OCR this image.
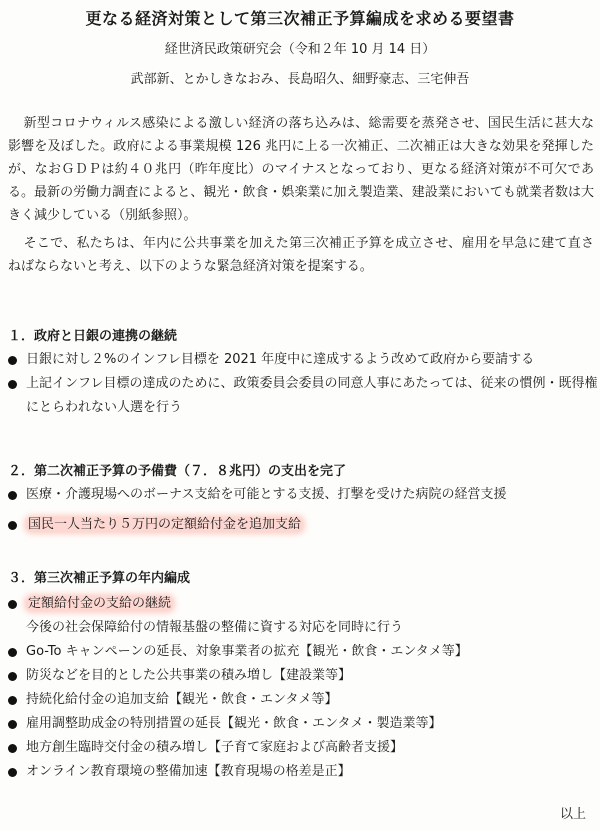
更なる経済対策として第三次補正予算編成を求める要望書
経世済民政策研究会（令和２年 10 月 14 日）
武部新、とかしきなおみ、長島昭久、細野豪志、三宅伸吾

新型コロナウィルス感染による激しい経済の落ち込みは、総需要を蒸発させ、国民生活に甚大な影響を及ぼした。政府による事業規模 126 兆円に上る一次補正、二次補正は大きな効果を発揮したが、なおＧＤＰは約４０兆円（昨年度比）のマイナスとなっており、更なる経済対策が不可欠である。最新の労働力調査によると、観光・飲食・娯楽業に加え製造業、建設業においても就業者数は大きく減少している（別紙参照）。

そこで、私たちは、年内に公共事業を加えた第三次補正予算を成立させ、雇用を早急に建て直さねばならないと考え、以下のような緊急経済対策を提案する。

１．政府と日銀の連携の継続
日銀に対し２%のインフレ目標を 2021 年度中に達成するよう改めて政府から要請する
上記インフレ目標の達成のために、政策委員会委員の同意人事にあたっては、従来の慣例・既得権にとらわれない人選を行う
２．第二次補正予算の予備費（７．８兆円）の支出を完了
医療・介護現場へのボーナス支給を可能とする支援、打撃を受けた病院の経営支援
国民一人当たり５万円の定額給付金を追加支給
３．第三次補正予算の年内編成
定額給付金の支給の継続
今後の社会保障給付の情報基盤の整備に資する対応を同時に行う
Go-To キャンペーンの延長、対象事業者の拡充【観光・飲食・エンタメ等】
防災などを目的とした公共事業の積み増し【建設業等】
持続化給付金の追加支給【観光・飲食・エンタメ等】
雇用調整助成金の特別措置の延長【観光・飲食・エンタメ・製造業等】
地方創生臨時交付金の積み増し【子育て家庭および高齢者支援】
オンライン教育環境の整備加速【教育現場の格差是正】
以上
